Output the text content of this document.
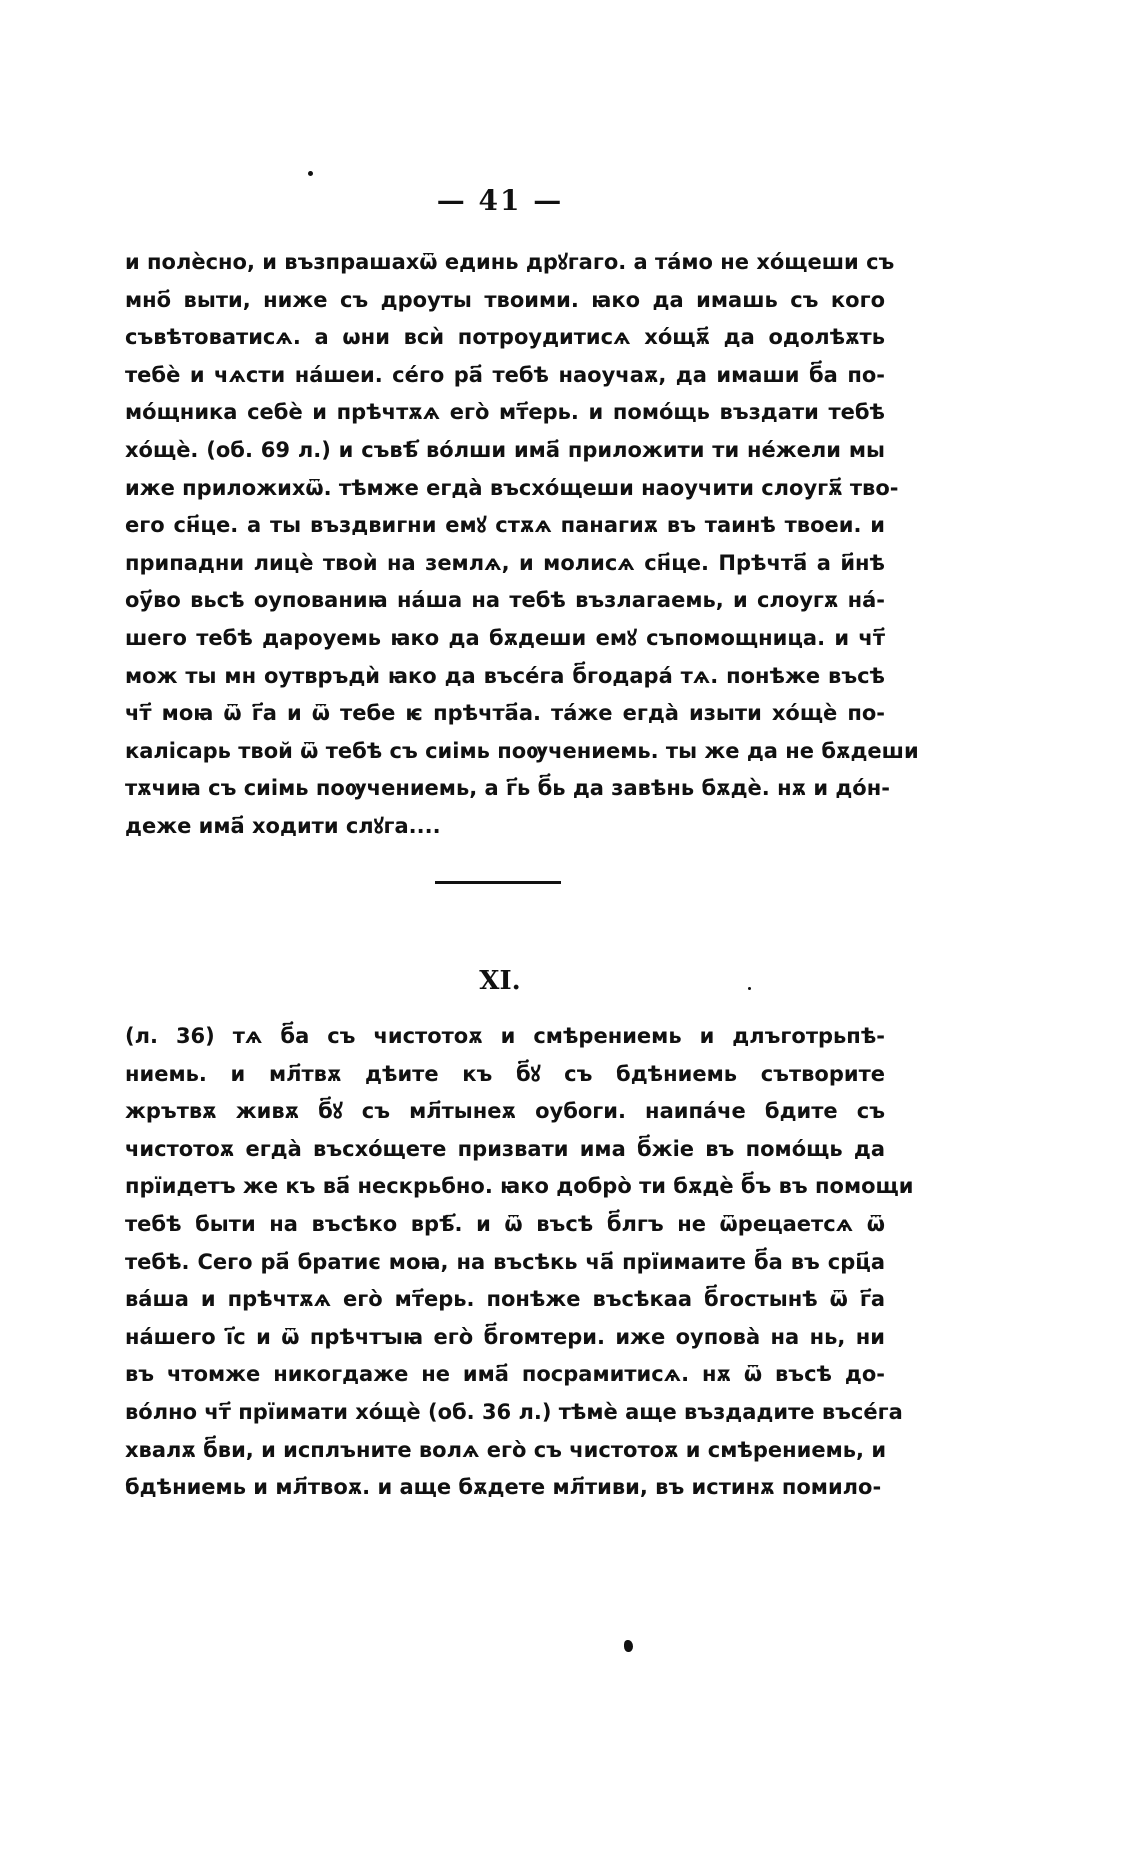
— 41 —
и полѐсно, и възпрашахѿ единь дрꙋгаго. а та́мо не хо́щеши съ
мно҃ выти, ниже съ дроуты твоими. ꙗко да имашь съ кого
съвѣтоватисѧ. а ѡни всѝ потроудитисѧ хо́щѫ҃ да одолѣѫть
тебѐ и чѧсти на́шеи. се́го ра҃ тебѣ наоучаѫ, да имаши б҃а по-
мо́щника себѐ и прѣчтѫѧ его̀ мт҃ерь. и помо́щь въздати тебѣ
хо́щѐ. (об. 69 л.) и съвѣ҃ во́лши има҃ приложити ти не́жели мы
иже приложихѿ. тѣмже егда̀ въсхо́щеши наоучити слоугѫ҃ тво-
его сн҃це. а ты въздвигни емꙋ стѫѧ панагиѫ въ таинѣ твоеи. и
припадни лицѐ твоѝ на землѧ, и молисѧ сн҃це. Прѣчта҃ а и҃нѣ
оу҃во вьсѣ оупованиꙗ на́ша на тебѣ възлагаемь, и слоугѫ на́-
шего тебѣ дароуемь ꙗко да бѫдеши емꙋ съпомощница. и чт҃
мож ты мн оутвръдѝ ꙗко да въсе́га б҃годара́ тѧ. понѣже въсѣ
чт҃ моꙗ ѿ г҃а и ѿ тебе ѥ прѣчта҃а. та́же егда̀ изыти хо́щѐ по-
калісарь твой ѿ тебѣ съ сиімь поѹчениемь. ты же да не бѫдеши
тѫчиꙗ съ сиімь поѹчениемь, а г҃ь б҃ь да завѣнь бѫдѐ. нѫ и до́н-
деже има҃ ходити слꙋга....
XI.
(л. 36) тѧ б҃а съ чистотоѫ и смѣрениемь и длъготрьпѣ-
ниемь. и мл҃твѫ дѣите къ б҃ꙋ съ бдѣниемь сътворите
жрътвѫ живѫ б҃ꙋ съ мл҃тынеѫ оубоги. наипа́че бдите съ
чистотоѫ егда̀ въсхо́щете призвати има б҃жіе въ помо́щь да
прїидетъ же къ ва҃ нескрьбно. ꙗко добро̀ ти бѫдѐ б҃ъ въ помощи
тебѣ быти на въсѣко врѣ҃. и ѿ въсѣ б҃лгъ не ѿрецаетсѧ ѿ
тебѣ. Сего ра҃ братиє моꙗ, на въсѣкь ча҃ прїимаите б҃а въ срц҃а
ва́ша и прѣчтѫѧ его̀ мт҃ерь. понѣже въсѣкаа б҃гостынѣ ѿ г҃а
на́шего і҃с и ѿ прѣчтꙑꙗ его̀ б҃гомтери. иже оупова̀ на нь, ни
въ чтомже никогдаже не има҃ посрамитисѧ. нѫ ѿ въсѣ до-
во́лно чт҃ прїимати хо́щѐ (об. 36 л.) тѣмѐ аще въздадите въсе́га
хвалѫ б҃ви, и исплъните волѧ его̀ съ чистотоѫ и смѣрениемь, и
бдѣниемь и мл҃твоѫ. и аще бѫдете мл҃тиви, въ истинѫ помило-
